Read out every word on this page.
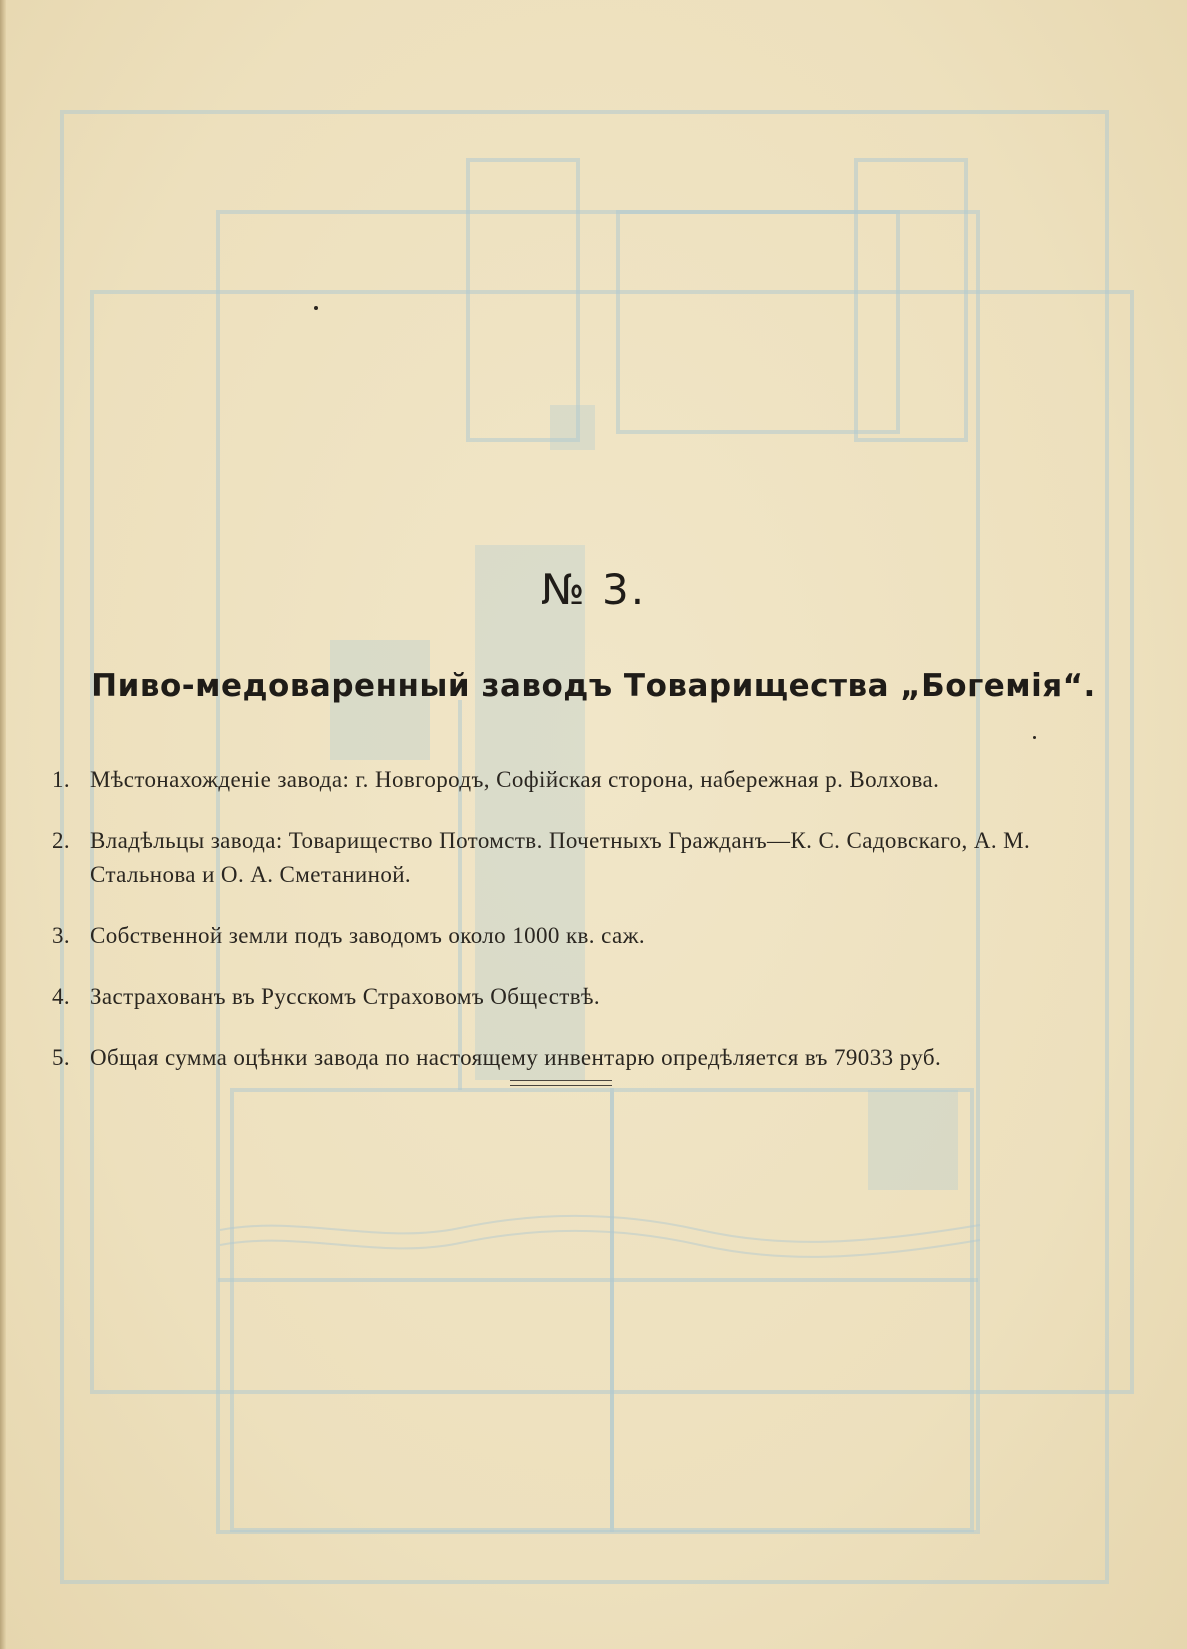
№ 3.
Пиво-медоваренный заводъ Товарищества „Богемія“.
1. Мѣстонахожденіе завода: г. Новгородъ, Софійская сторона, набережная р. Волхова.
2. Владѣльцы завода: Товарищество Потомств. Почетныхъ Гражданъ—К. С. Садовскаго, А. М. Стальнова и О. А. Сметаниной.
3. Собственной земли подъ заводомъ около 1000 кв. саж.
4. Застрахованъ въ Русскомъ Страховомъ Обществѣ.
5. Общая сумма оцѣнки завода по настоящему инвентарю опредѣляется въ 79033 руб.
